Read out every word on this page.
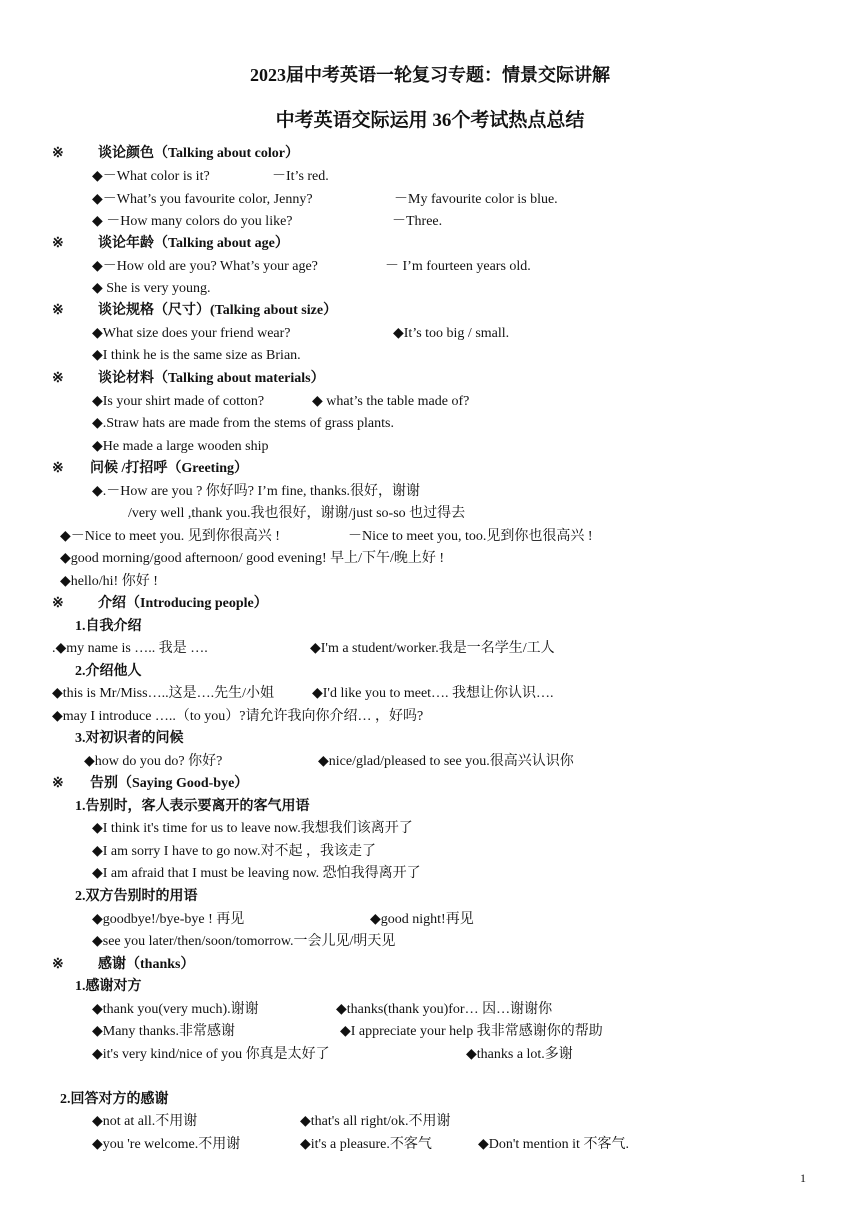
2023届中考英语一轮复习专题：情景交际讲解
中考英语交际运用 36个考试热点总结
※ 谈论颜色（Talking about color）
◆－What color is it?	－It’s red.
◆－What’s you favourite color, Jenny?	－My favourite color is blue.
◆ －How many colors do you like?	－Three.
※ 谈论年龄（Talking about age）
◆－How old are you? What’s your age?	－ I’m fourteen years old.
◆ She is very young.
※ 谈论规格（尺寸）(Talking about size）
◆What size does your friend wear?	◆It’s too big / small.
◆I think he is the same size as Brian.
※ 谈论材料（Talking about materials）
◆Is your shirt made of cotton?	◆ what’s the table made of?
◆.Straw hats are made from the stems of grass plants.
◆He made a large wooden ship
※ 问候 /打招呼（Greeting）
◆.－How are you ? 你好吗? I’m fine, thanks.很好，谢谢
/very well ,thank you.我也很好，谢谢/just so-so 也过得去
◆－Nice to meet you. 见到你很高兴 !	－Nice to meet you, too.见到你也很高兴 !
◆good morning/good afternoon/ good evening! 早上/下午/晚上好 !
◆hello/hi! 你好 !
※ 介绍（Introducing people）
1.自我介绍
.◆my name is ….. 我是 ….	◆I'm a student/worker.我是一名学生/工人
2.介绍他人
◆this is Mr/Miss…..这是….先生/小姐	◆I'd like you to meet…. 我想让你认识….
◆may I introduce …..（to you）?请允许我向你介绍… ，好吗?
3.对初识者的问候
◆how do you do? 你好?	◆nice/glad/pleased to see you.很高兴认识你
※ 告别（Saying Good-bye）
1.告别时，客人表示要离开的客气用语
◆I think it's time for us to leave now.我想我们该离开了
◆I am sorry I have to go now.对不起 ，我该走了
◆I am afraid that I must be leaving now. 恐怕我得离开了
2.双方告别时的用语
◆goodbye!/bye-bye ! 再见	◆good night!再见
◆see you later/then/soon/tomorrow.一会儿见/明天见
※ 感谢（thanks）
1.感谢对方
◆thank you(very much).谢谢	◆thanks(thank you)for… 因…谢谢你
◆Many thanks.非常感谢	◆I appreciate your help 我非常感谢你的帮助
◆it's very kind/nice of you 你真是太好了	◆thanks a lot.多谢
2.回答对方的感谢
◆not at all.不用谢	◆that's all right/ok.不用谢
◆you 're welcome.不用谢	◆it's a pleasure.不客气	◆Don't mention it 不客气.
1
